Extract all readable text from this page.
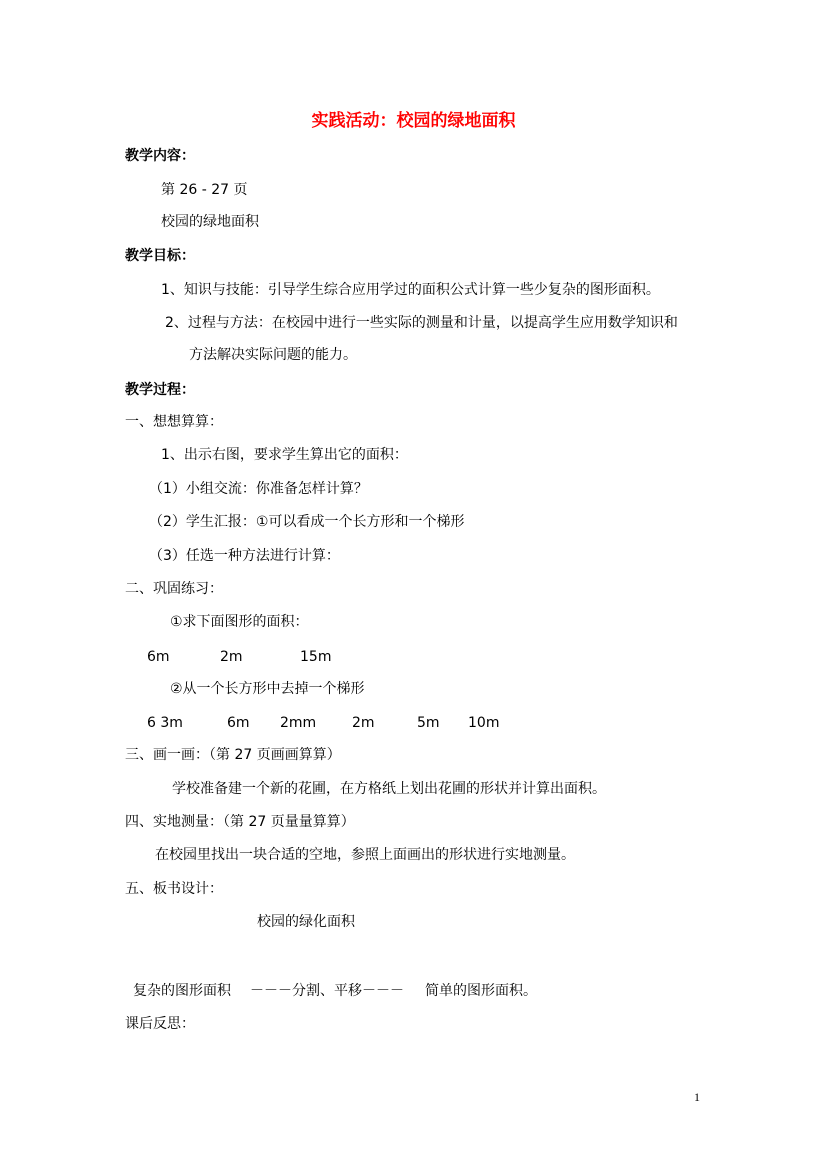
实践活动：校园的绿地面积
教学内容：
第 26 - 27 页
校园的绿地面积
教学目标：
1、知识与技能：引导学生综合应用学过的面积公式计算一些少复杂的图形面积。
2、过程与方法：在校园中进行一些实际的测量和计量，以提高学生应用数学知识和
方法解决实际问题的能力。
教学过程：
一、想想算算：
1、出示右图，要求学生算出它的面积：
（1）小组交流：你准备怎样计算？
（2）学生汇报：①可以看成一个长方形和一个梯形
（3）任选一种方法进行计算：
二、巩固练习：
①求下面图形的面积：
6m	2m	15m
②从一个长方形中去掉一个梯形
6 3m	6m 2mm	2m	5m 10m
三、画一画：（第 27 页画画算算）
学校准备建一个新的花圃，在方格纸上划出花圃的形状并计算出面积。
四、实地测量：（第 27 页量量算算）
在校园里找出一块合适的空地，参照上面画出的形状进行实地测量。
五、板书设计：
校园的绿化面积
复杂的图形面积 －－－分割、平移－－－ 简单的图形面积。
课后反思：
1
